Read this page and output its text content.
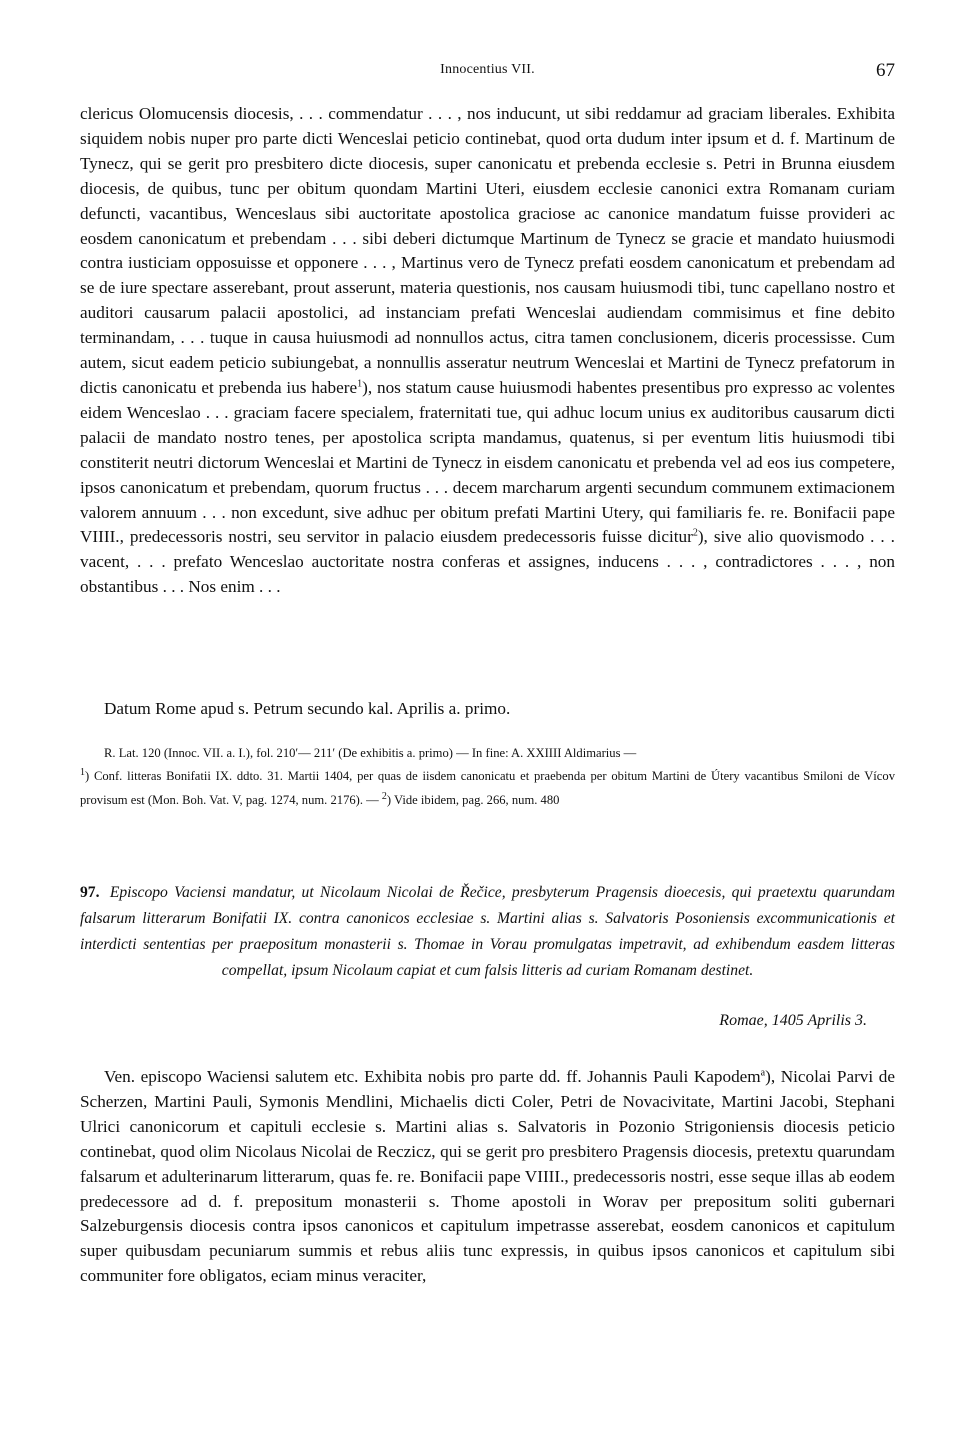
Innocentius VII.	67

clericus Olomucensis diocesis, . . . commendatur . . . , nos inducunt, ut sibi reddamur ad graciam liberales. Exhibita siquidem nobis nuper pro parte dicti Wenceslai peticio continebat, quod orta dudum inter ipsum et d. f. Martinum de Tynecz, qui se gerit pro presbitero dicte diocesis, super canonicatu et prebenda ecclesie s. Petri in Brunna eiusdem diocesis, de quibus, tunc per obitum quondam Martini Uteri, eiusdem ecclesie canonici extra Romanam curiam defuncti, vacantibus, Wenceslaus sibi auctoritate apostolica graciose ac canonice mandatum fuisse provideri ac eosdem canonicatum et prebendam . . . sibi deberi dictumque Martinum de Tynecz se gracie et mandato huiusmodi contra iusticiam opposuisse et opponere . . . , Martinus vero de Tynecz prefati eosdem canonicatum et prebendam ad se de iure spectare asserebant, prout asserunt, materia questionis, nos causam huiusmodi tibi, tunc capellano nostro et auditori causarum palacii apostolici, ad instanciam prefati Wenceslai audiendam commisimus et fine debito terminandam, . . . tuque in causa huiusmodi ad nonnullos actus, citra tamen conclusionem, diceris processisse. Cum autem, sicut eadem peticio subiungebat, a nonnullis asseratur neutrum Wenceslai et Martini de Tynecz prefatorum in dictis canonicatu et prebenda ius habere$^1$), nos statum cause huiusmodi habentes presentibus pro expresso ac volentes eidem Wenceslao . . . graciam facere specialem, fraternitati tue, qui adhuc locum unius ex auditoribus causarum dicti palacii de mandato nostro tenes, per apostolica scripta mandamus, quatenus, si per eventum litis huiusmodi tibi constiterit neutri dictorum Wenceslai et Martini de Tynecz in eisdem canonicatu et prebenda vel ad eos ius competere, ipsos canonicatum et prebendam, quorum fructus . . . decem marcharum argenti secundum communem extimacionem valorem annuum . . . non excedunt, sive adhuc per obitum prefati Martini Utery, qui familiaris fe. re. Bonifacii pape VIIII., predecessoris nostri, seu servitor in palacio eiusdem predecessoris fuisse dicitur$^2$), sive alio quovismodo . . . vacent, . . . prefato Wenceslao auctoritate nostra conferas et assignes, inducens . . . , contradictores . . . , non obstantibus . . . Nos enim . . .

Datum Rome apud s. Petrum secundo kal. Aprilis a. primo.
R. Lat. 120 (Innoc. VII. a. I.), fol. 210′— 211′ (De exhibitis a. primo) — In fine: A. XXIIII Aldimarius —
$^1$) Conf. litteras Bonifatii IX. ddto. 31. Martii 1404, per quas de iisdem canonicatu et praebenda per obitum Martini de Útery vacantibus Smiloni de Vícov provisum est (Mon. Boh. Vat. V, pag. 1274, num. 2176). — $^2$) Vide ibidem, pag. 266, num. 480
97. Episcopo Vaciensi mandatur, ut Nicolaum Nicolai de Řečice, presbyterum Pragensis dioecesis, qui praetextu quarundam falsarum litterarum Bonifatii IX. contra canonicos ecclesiae s. Martini alias s. Salvatoris Posoniensis excommunicationis et interdicti sententias per praepositum monasterii s. Thomae in Vorau promulgatas impetravit, ad exhibendum easdem litteras compellat, ipsum Nicolaum capiat et cum falsis litteris ad curiam Romanam destinet.
Romae, 1405 Aprilis 3.

Ven. episcopo Waciensi salutem etc. Exhibita nobis pro parte dd. ff. Johannis Pauli Kapodem$^a$), Nicolai Parvi de Scherzen, Martini Pauli, Symonis Mendlini, Michaelis dicti Coler, Petri de Novacivitate, Martini Jacobi, Stephani Ulrici canonicorum et capituli ecclesie s. Martini alias s. Salvatoris in Pozonio Strigoniensis diocesis peticio continebat, quod olim Nicolaus Nicolai de Reczicz, qui se gerit pro presbitero Pragensis diocesis, pretextu quarundam falsarum et adulterinarum litterarum, quas fe. re. Bonifacii pape VIIII., predecessoris nostri, esse seque illas ab eodem predecessore ad d. f. prepositum monasterii s. Thome apostoli in Worav per prepositum soliti gubernari Salzeburgensis diocesis contra ipsos canonicos et capitulum impetrasse asserebat, eosdem canonicos et capitulum super quibusdam pecuniarum summis et rebus aliis tunc expressis, in quibus ipsos canonicos et capitulum sibi communiter fore obligatos, eciam minus veraciter,
